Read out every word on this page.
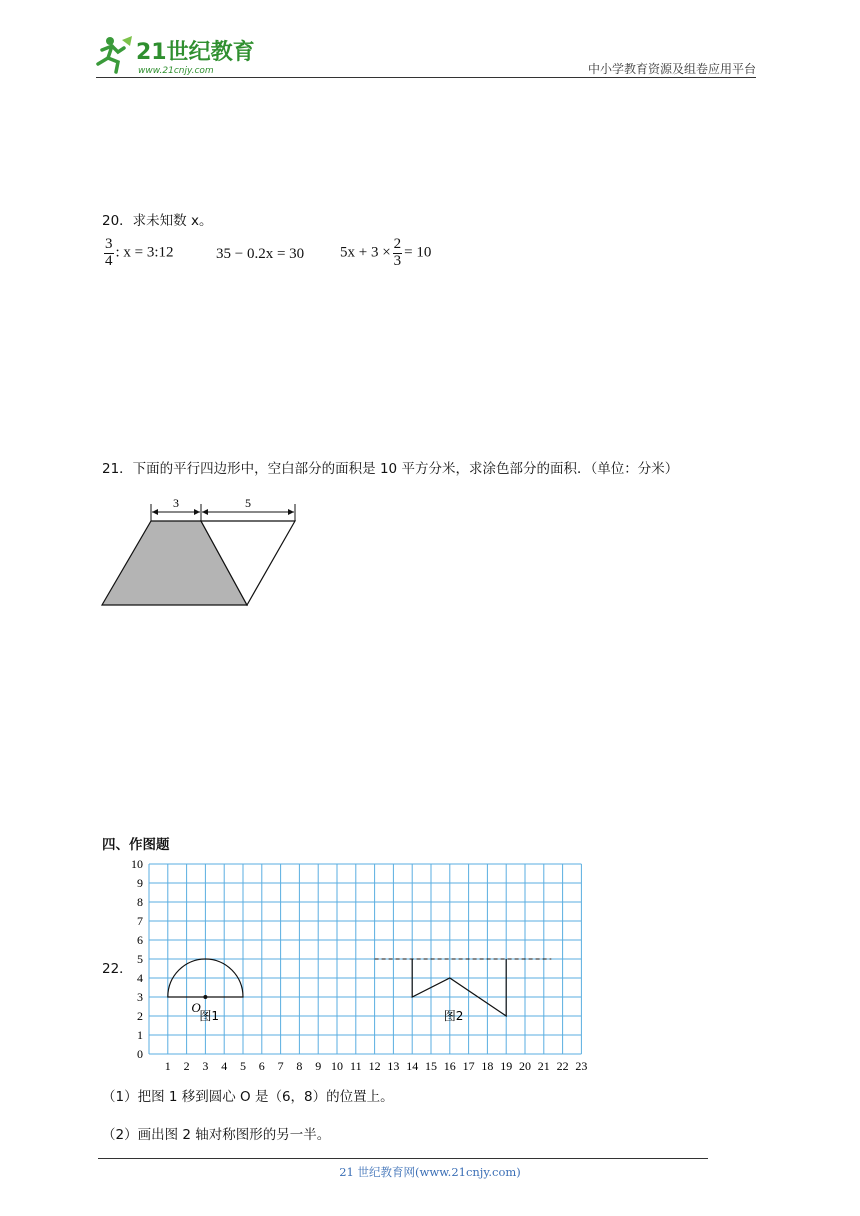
21世纪教育
www.21cnjy.com	中小学教育资源及组卷应用平台
20．求未知数 x。
$\frac{3}{4}$ : x = 3:12	35 − 0.2x = 30 $5x + 3 \times \frac{2}{3} = 10$
21．下面的平行四边形中，空白部分的面积是 10 平方分米，求涂色部分的面积．（单位：分米）
3	5
四、作图题
22．
1 2 3 4 5 6 7 8 9 10 11 12 13 14 15 16 17 18 19 20 21 22 23
0
1
2
3
4
5
6
7
8
9
10
O
图1	图2
（1）把图 1 移到圆心 O 是（6，8）的位置上。
（2）画出图 2 轴对称图形的另一半。
21 世纪教育网(www.21cnjy.com)
